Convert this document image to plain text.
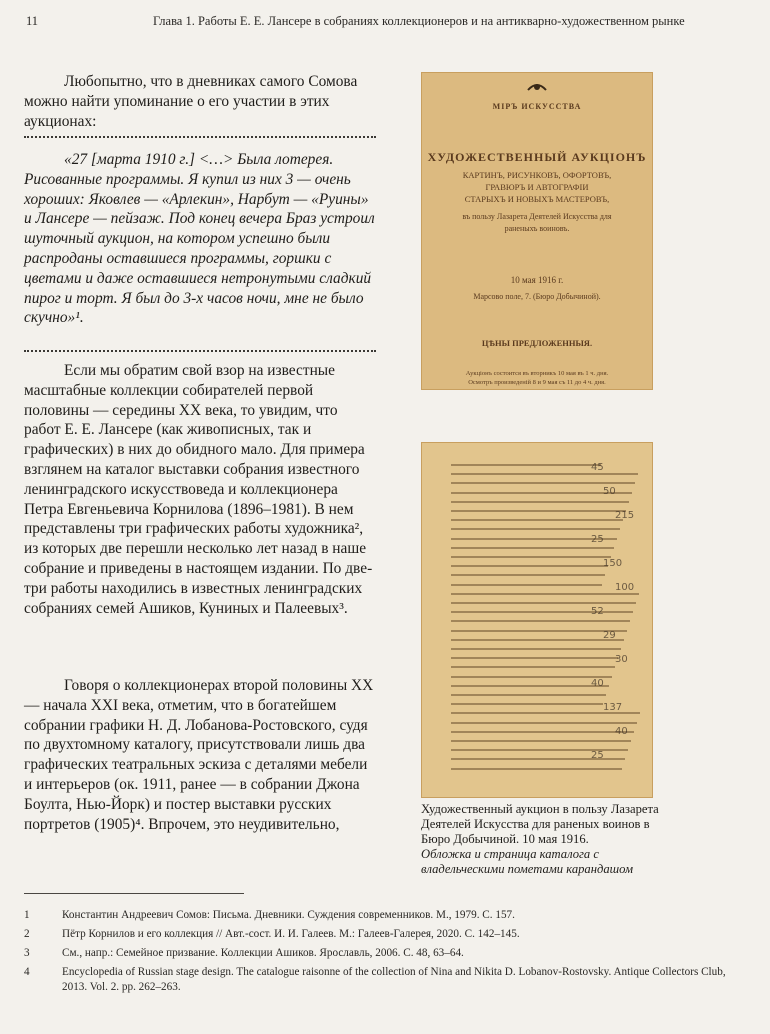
11	Глава 1. Работы Е. Е. Лансере в собраниях коллекционеров и на антикварно-художественном рынке

Любопытно, что в дневниках самого Сомова можно найти упоминание о его участии в этих аукционах:

«27 [марта 1910 г.] <…> Была лотерея. Рисованные программы. Я купил из них 3 — очень хороших: Яковлев — «Арлекин», Нарбут — «Руины» и Лансере — пейзаж. Под конец вечера Браз устроил шуточный аукцион, на котором успешно были распроданы оставшиеся программы, горшки с цветами и даже оставшиеся нетронутыми сладкий пирог и торт. Я был до 3-х часов ночи, мне не было скучно»¹.

Если мы обратим свой взор на известные масштабные коллекции собирателей первой половины — середины XX века, то увидим, что работ Е. Е. Лансере (как живописных, так и графических) в них до обидного мало. Для примера взглянем на каталог выставки собрания известного ленинградского искусствоведа и коллекционера Петра Евгеньевича Корнилова (1896–1981). В нем представлены три графических работы художника², из которых две перешли несколько лет назад в наше собрание и приведены в настоящем издании. По две-три работы находились в известных ленинградских собраниях семей Ашиков, Куниных и Палеевых³.

Говоря о коллекционерах второй половины XX — начала XXI века, отметим, что в богатейшем собрании графики Н. Д. Лобанова-Ростовского, судя по двухтомному каталогу, присутствовали лишь два графических театральных эскиза с деталями мебели и интерьеров (ок. 1911, ранее — в собрании Джона Боулта, Нью-Йорк) и постер выставки русских портретов (1905)⁴. Впрочем, это неудивительно,

МIРЪ ИСКУССТВА
ХУДОЖЕСТВЕННЫЙ АУКЦIОНЪ
КАРТИНЪ, РИСУНКОВЪ, ОФОРТОВЪ,
ГРАВЮРЪ И АВТОГРАФIИ
СТАРЫХЪ И НОВЫХЪ МАСТЕРОВЪ,
въ пользу Лазарета Деятелей Искусства для
раненыхъ воиновъ.
10 мая 1916 г.
Марсово поле, 7. (Бюро Добычиной).
ЦѢНЫ ПРЕДЛОЖЕННЫЯ.
Аукцiонъ состоится въ вторникъ 10 мая въ 1 ч. дня.
Осмотръ произведенiй 8 и 9 мая съ 11 до 4 ч. дня.
45
50
215
25
150
100
52
29
30
40
137
40
25
Художественный аукцион в пользу Лазарета Деятелей Искусства для раненых воинов в Бюро Добычиной. 10 мая 1916.
Обложка и страница каталога с владельческими пометами карандашом
1	Константин Андреевич Сомов: Письма. Дневники. Суждения современников. М., 1979. С. 157.
2	Пётр Корнилов и его коллекция // Авт.-сост. И. И. Галеев. М.: Галеев-Галерея, 2020. С. 142–145.
3	См., напр.: Семейное призвание. Коллекции Ашиков. Ярославль, 2006. С. 48, 63–64.
4	Encyclopedia of Russian stage design. The catalogue raisonne of the collection of Nina and Nikita D. Lobanov-Rostovsky. Antique Collectors Club, 2013. Vol. 2. pp. 262–263.
